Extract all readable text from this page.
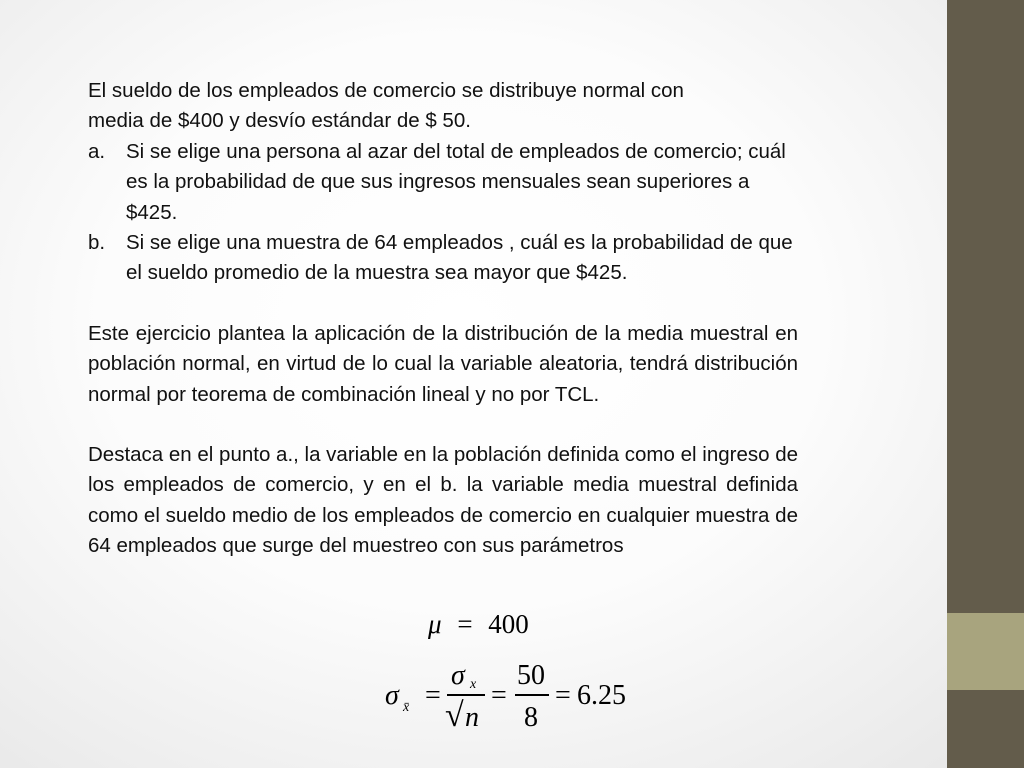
El sueldo de los empleados de comercio se distribuye normal con

media de $400 y desvío estándar de $ 50.

a. Si se elige una persona al azar del total de empleados de comercio; cuál es la probabilidad de que sus ingresos mensuales sean superiores a $425.
b. Si se elige una muestra de 64 empleados , cuál es la probabilidad de que el sueldo promedio de la muestra sea mayor que $425.

Este ejercicio plantea la aplicación de la distribución de la media muestral en población normal, en virtud de lo cual la variable aleatoria, tendrá distribución normal por teorema de combinación lineal y no por TCL.

Destaca en el punto a., la variable en la población definida como el ingreso de los empleados de comercio, y en el b. la variable media muestral definida como el sueldo medio de los empleados de comercio en cualquier muestra de 64 empleados que surge del muestreo con sus parámetros

μ = 400
σ x̄ =
σ x
√ n
=
50
8
= 6.25
